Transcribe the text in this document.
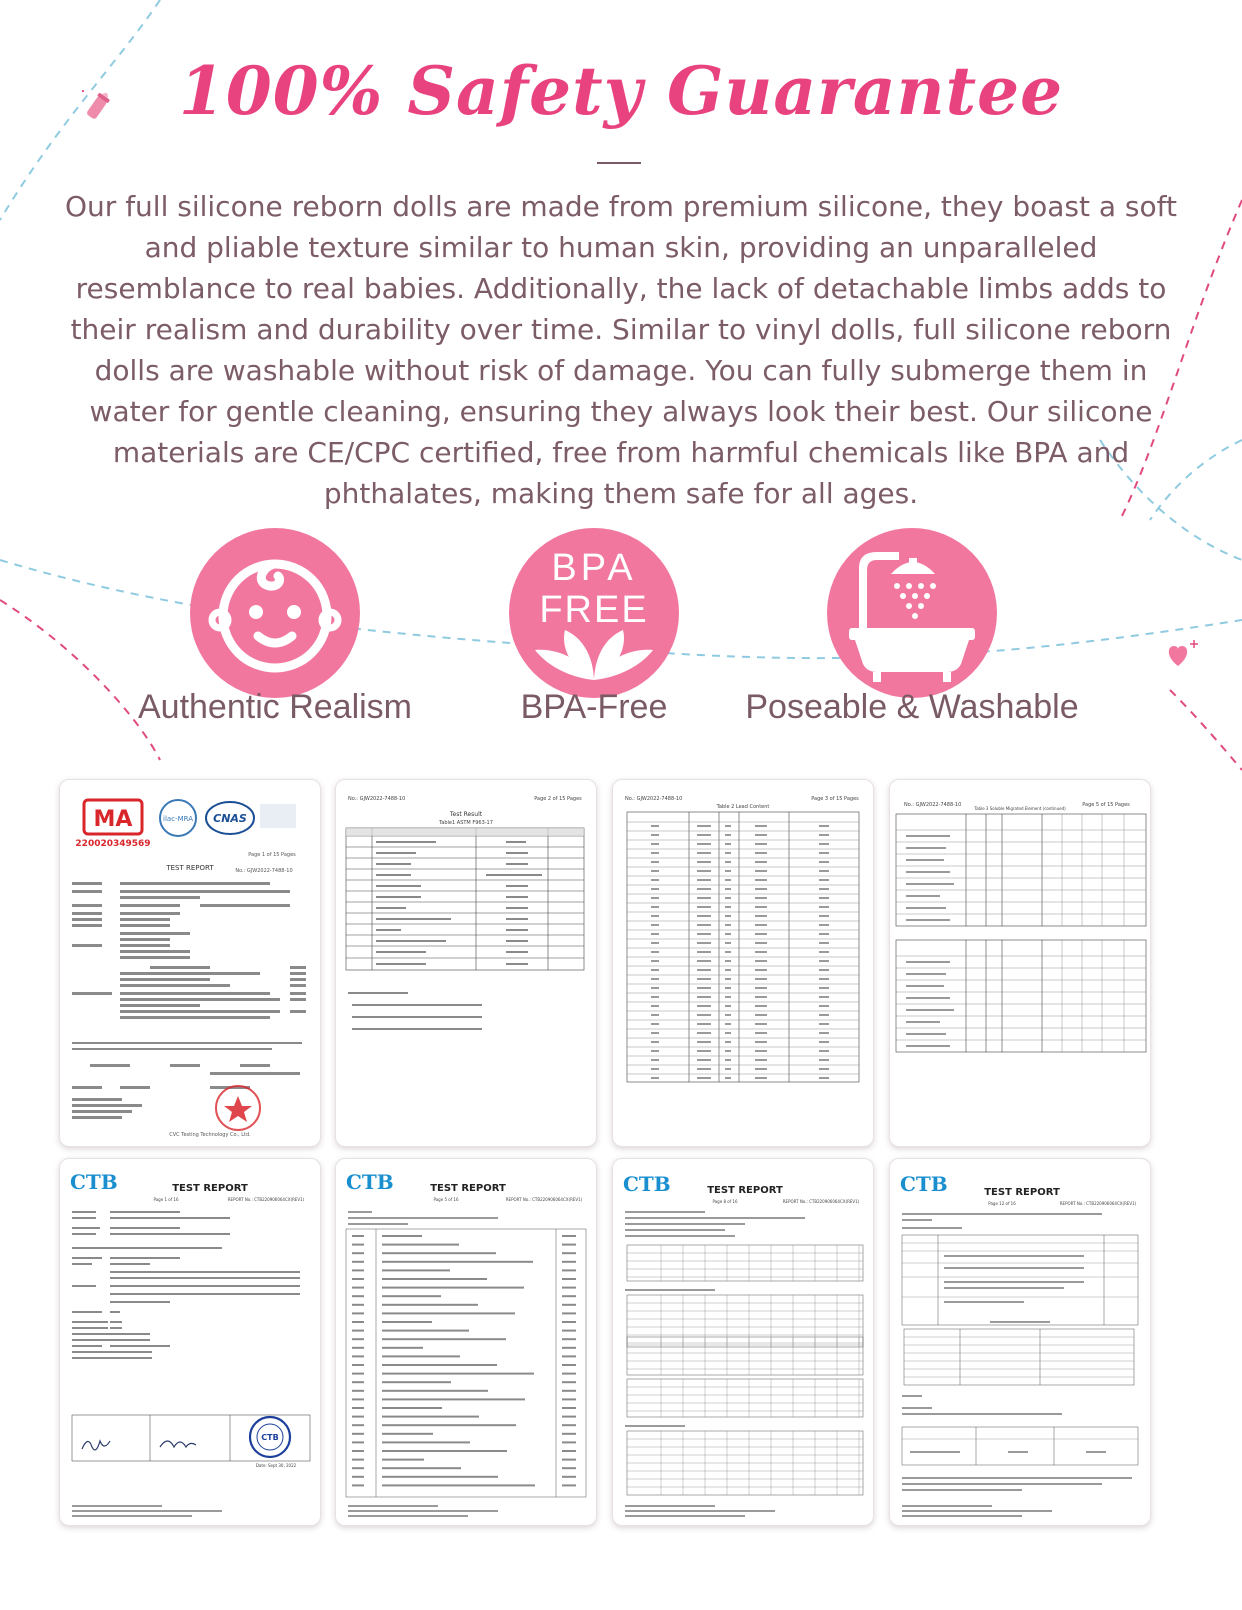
100% Safety Guarantee

Our full silicone reborn dolls are made from premium silicone, they boast a soft and pliable texture similar to human skin, providing an unparalleled resemblance to real babies. Additionally, the lack of detachable limbs adds to their realism and durability over time. Similar to vinyl dolls, full silicone reborn dolls are washable without risk of damage. You can fully submerge them in water for gentle cleaning, ensuring they always look their best. Our silicone materials are CE/CPC certified, free from harmful chemicals like BPA and phthalates, making them safe for all ages.

Authentic Realism
BPA
FREE
BPA-Free	Poseable & Washable
MA
220020349569
ilac-MRA CNAS
Page 1 of 15 Pages
TEST REPORT	No.: GJW2022-7488-10
CVC Testing Technology Co., Ltd.
No.: GJW2022-7488-10	Page 2 of 15 Pages
Test Result
Table1 ASTM F963-17
No.: GJW2022-7488-10	Page 3 of 15 Pages
Table 2 Lead Content	No.: GJW2022-7488-10	Page 5 of 15 Pages
Table 3 Soluble Migrated Element (continued)
CTB	TEST REPORT
Page 1 of 16	REPORT No.: CTB220906064CX(REV1)
CTB
Date: Sept 30, 2022
CTB	TEST REPORT
Page 5 of 16	REPORT No.: CTB220906064CX(REV1)
CTB	TEST REPORT
Page 8 of 16	REPORT No.: CTB220906064CX(REV1)
CTB	TEST REPORT
Page 12 of 16	REPORT No.: CTB220906064CX(REV1)
